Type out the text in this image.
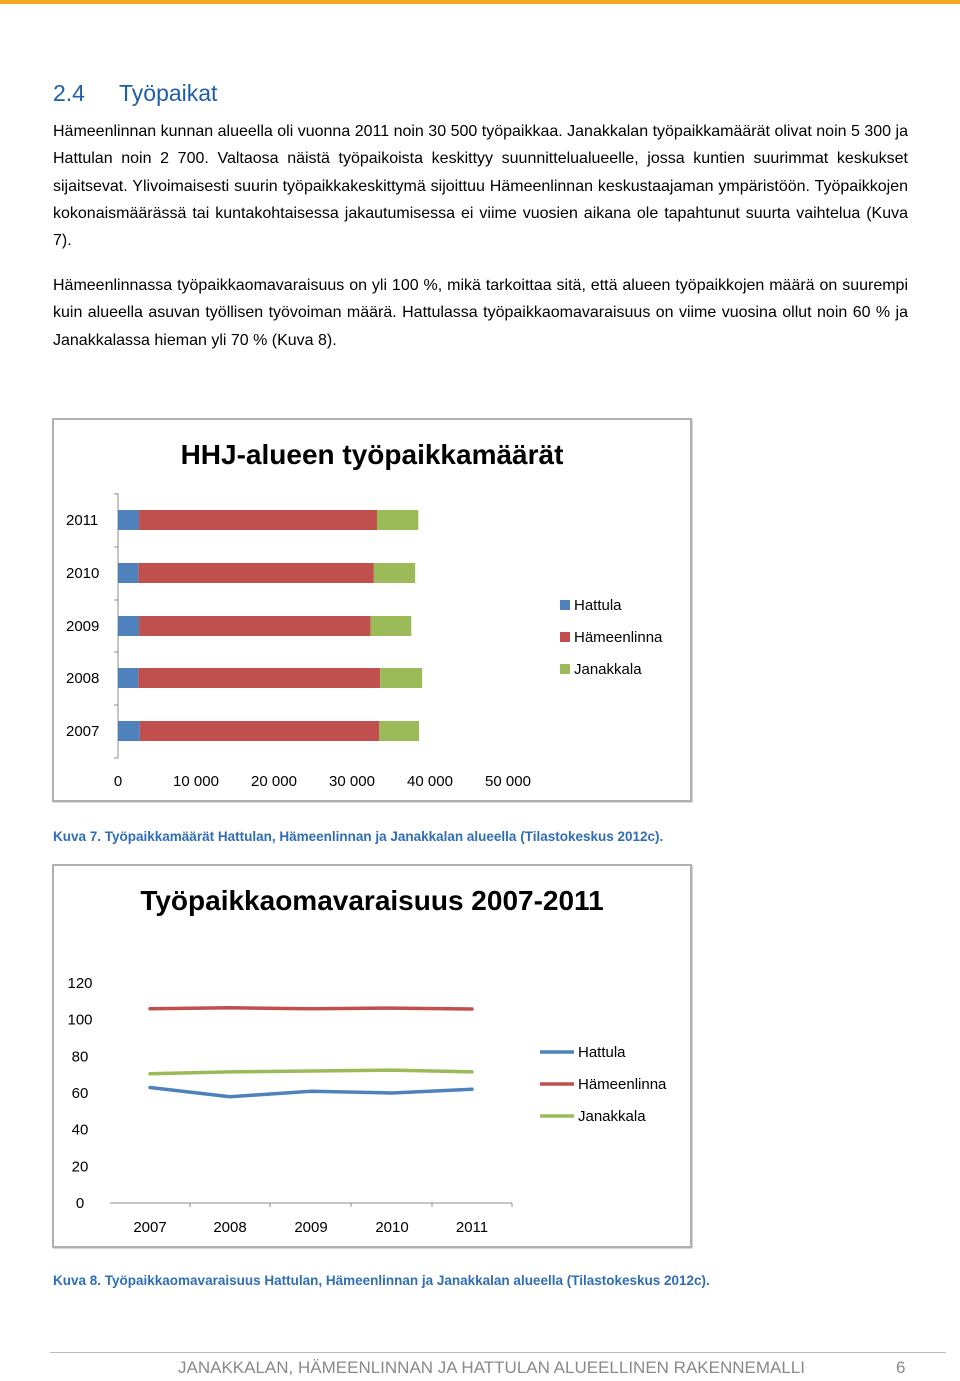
2.4 Työpaikat

Hämeenlinnan kunnan alueella oli vuonna 2011 noin 30 500 työpaikkaa. Janakkalan työpaikkamäärät olivat noin 5 300 ja Hattulan noin 2 700. Valtaosa näistä työpaikoista keskittyy suunnittelualueelle, jossa kuntien suurimmat keskukset sijaitsevat. Ylivoimaisesti suurin työpaikkakeskittymä sijoittuu Hämeenlinnan keskustaajaman ympäristöön. Työpaikkojen kokonaismäärässä tai kuntakohtaisessa jakautumisessa ei viime vuosien aikana ole tapahtunut suurta vaihtelua (Kuva 7).

Hämeenlinnassa työpaikkaomavaraisuus on yli 100 %, mikä tarkoittaa sitä, että alueen työpaikkojen määrä on suurempi kuin alueella asuvan työllisen työvoiman määrä. Hattulassa työpaikkaomavaraisuus on viime vuosina ollut noin 60 % ja Janakkalassa hieman yli 70 % (Kuva 8).

HHJ-alueen työpaikkamäärät
2011
2010
2009
2008
2007
0	10 000 20 000 30 000 40 000 50 000
Hattula
Hämeenlinna
Janakkala
Kuva 7. Työpaikkamäärät Hattulan, Hämeenlinnan ja Janakkalan alueella (Tilastokeskus 2012c).
Työpaikkaomavaraisuus 2007-2011
2007	2008	2009	2010	2011
0
20
40
60
80
100
120
Hattula
Hämeenlinna
Janakkala
Kuva 8. Työpaikkaomavaraisuus Hattulan, Hämeenlinnan ja Janakkalan alueella (Tilastokeskus 2012c).
JANAKKALAN, HÄMEENLINNAN JA HATTULAN ALUEELLINEN RAKENNEMALLI	6
